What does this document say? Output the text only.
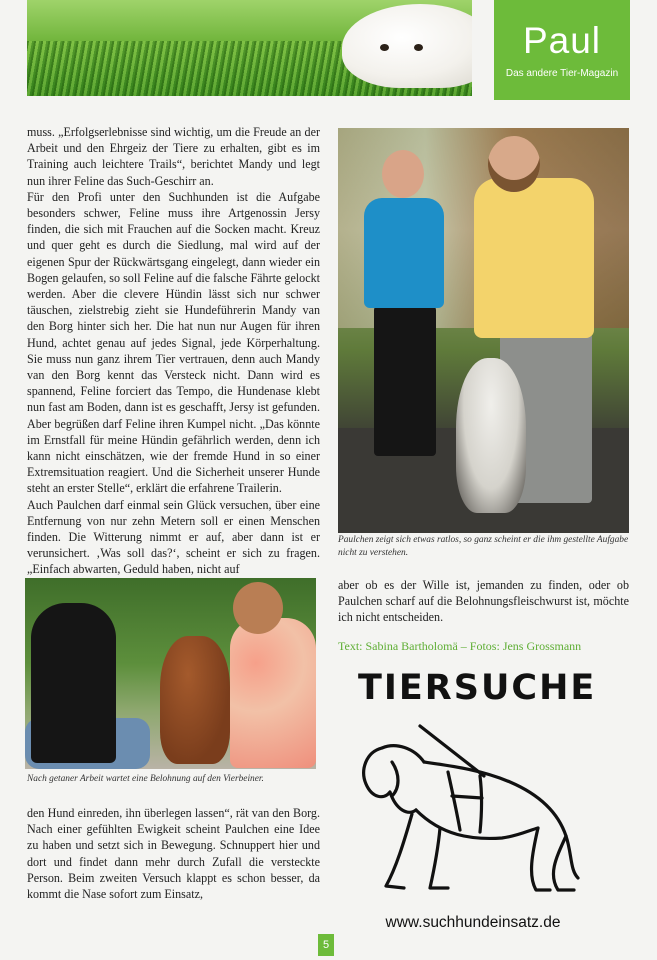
Paul
Das andere Tier-Magazin

muss. „Erfolgserlebnisse sind wichtig, um die Freude an der Arbeit und den Ehrgeiz der Tiere zu erhalten, gibt es im Training auch leichtere Trails“, berichtet Mandy und legt nun ihrer Feline das Such-Geschirr an.

Für den Profi unter den Suchhunden ist die Aufgabe besonders schwer, Feline muss ihre Artgenossin Jersy finden, die sich mit Frauchen auf die Socken macht. Kreuz und quer geht es durch die Siedlung, mal wird auf der eigenen Spur der Rückwärtsgang eingelegt, dann wieder ein Bogen gelaufen, so soll Feline auf die falsche Fährte gelockt werden. Aber die clevere Hündin lässt sich nur schwer täuschen, zielstrebig zieht sie Hundeführerin Mandy van den Borg hinter sich her. Die hat nun nur Augen für ihren Hund, achtet genau auf jedes Signal, jede Körperhaltung. Sie muss nun ganz ihrem Tier vertrauen, denn auch Mandy van den Borg kennt das Versteck nicht. Dann wird es spannend, Feline forciert das Tempo, die Hundenase klebt nun fast am Boden, dann ist es geschafft, Jersy ist gefunden. Aber begrüßen darf Feline ihren Kumpel nicht. „Das könnte im Ernstfall für meine Hündin gefährlich werden, denn ich kann nicht einschätzen, wie der fremde Hund in so einer Extremsituation reagiert. Und die Sicherheit unserer Hunde steht an erster Stelle“, erklärt die erfahrene Trailerin.

Auch Paulchen darf einmal sein Glück versuchen, über eine Entfernung von nur zehn Metern soll er einen Menschen finden. Die Witterung nimmt er auf, aber dann ist er verunsichert. ‚Was soll das?‘, scheint er sich zu fragen. „Einfach abwarten, Geduld haben, nicht auf

Paulchen zeigt sich etwas ratlos, so ganz scheint er die ihm gestellte Aufgabe nicht zu verstehen.
Nach getaner Arbeit wartet eine Belohnung auf den Vierbeiner.
den Hund einreden, ihn überlegen lassen“, rät van den Borg. Nach einer gefühlten Ewigkeit scheint Paulchen eine Idee zu haben und setzt sich in Bewegung. Schnuppert hier und dort und findet dann mehr durch Zufall die versteckte Person. Beim zweiten Versuch klappt es schon besser, da kommt die Nase sofort zum Einsatz,
aber ob es der Wille ist, jemanden zu finden, oder ob Paulchen scharf auf die Belohnungsfleischwurst ist, möchte ich nicht entscheiden.
Text: Sabina Bartholomä – Fotos: Jens Grossmann
TIERSUCHE
www.suchhundeinsatz.de
5
